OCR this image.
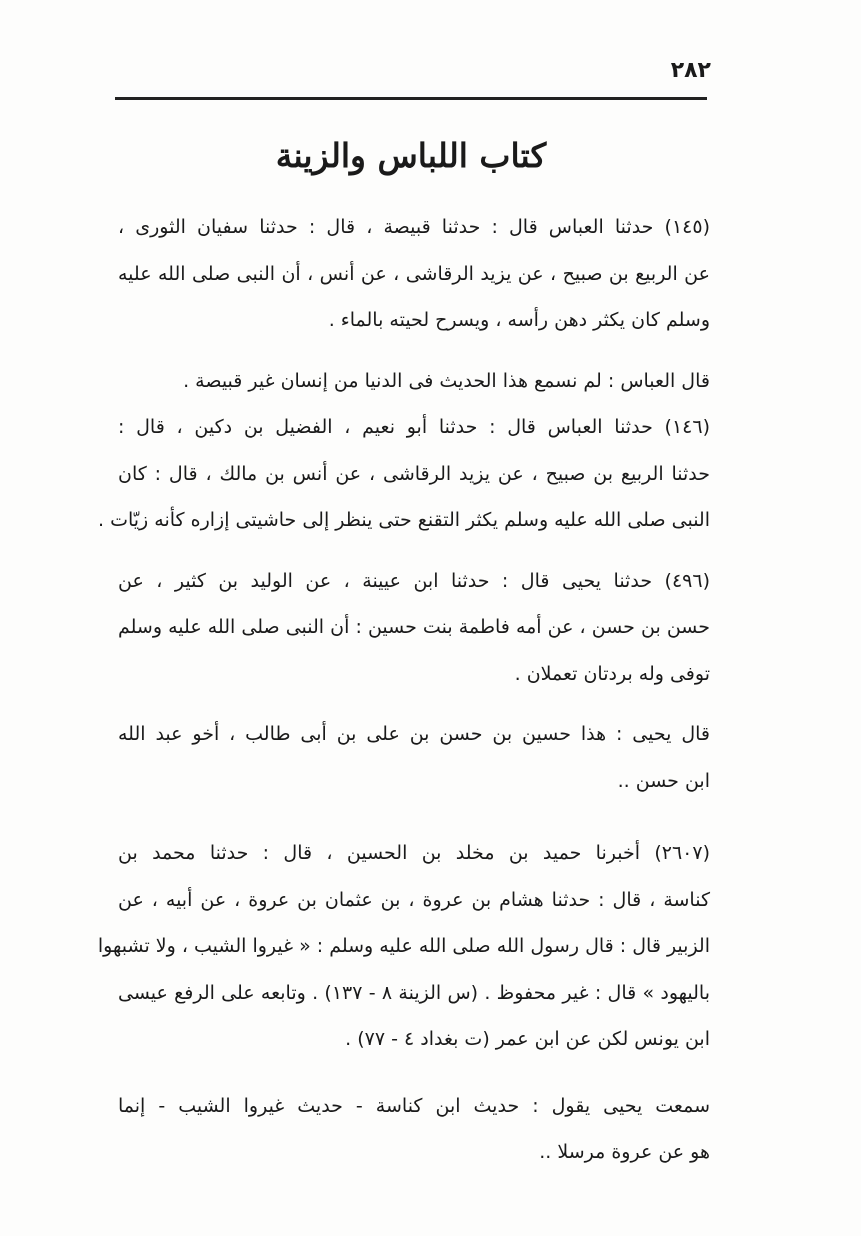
٢٨٢
كتاب اللباس والزينة
(١٤٥) حدثنا العباس قال : حدثنا قبيصة ، قال : حدثنا سفيان الثورى ،
عن الربيع بن صبيح ، عن يزيد الرقاشى ، عن أنس ، أن النبى صلى الله عليه
وسلم كان يكثر دهن رأسه ، ويسرح لحيته بالماء .
قال العباس : لم نسمع هذا الحديث فى الدنيا من إنسان غير قبيصة .
(١٤٦) حدثنا العباس قال : حدثنا أبو نعيم ، الفضيل بن دكين ، قال :
حدثنا الربيع بن صبيح ، عن يزيد الرقاشى ، عن أنس بن مالك ، قال : كان
النبى صلى الله عليه وسلم يكثر التقنع حتى ينظر إلى حاشيتى إزاره كأنه زيّات .
(٤٩٦) حدثنا يحيى قال : حدثنا ابن عيينة ، عن الوليد بن كثير ، عن
حسن بن حسن ، عن أمه فاطمة بنت حسين : أن النبى صلى الله عليه وسلم
توفى وله بردتان تعملان .
قال يحيى : هذا حسين بن حسن بن على بن أبى طالب ، أخو عبد الله
ابن حسن ..
(٢٦٠٧) أخبرنا حميد بن مخلد بن الحسين ، قال : حدثنا محمد بن
كناسة ، قال : حدثنا هشام بن عروة ، بن عثمان بن عروة ، عن أبيه ، عن
الزبير قال : قال رسول الله صلى الله عليه وسلم : « غيروا الشيب ، ولا تشبهوا
باليهود » قال : غير محفوظ . (س الزينة ٨ - ١٣٧) . وتابعه على الرفع عيسى
ابن يونس لكن عن ابن عمر (ت بغداد ٤ - ٧٧) .
سمعت يحيى يقول : حديث ابن كناسة - حديث غيروا الشيب - إنما
هو عن عروة مرسلا ..
